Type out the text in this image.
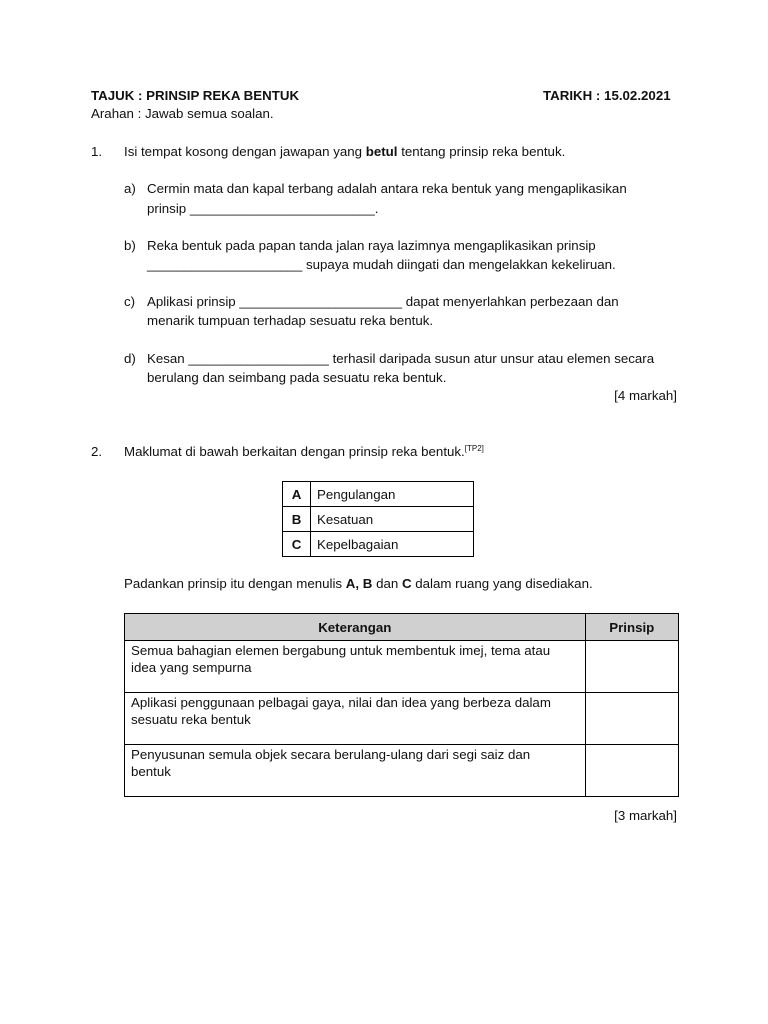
TAJUK : PRINSIP REKA BENTUK	TARIKH : 15.02.2021
Arahan : Jawab semua soalan.
1. Isi tempat kosong dengan jawapan yang betul tentang prinsip reka bentuk.
a) Cermin mata dan kapal terbang adalah antara reka bentuk yang mengaplikasikan
prinsip _________________________.
b) Reka bentuk pada papan tanda jalan raya lazimnya mengaplikasikan prinsip
_____________________ supaya mudah diingati dan mengelakkan kekeliruan.
c) Aplikasi prinsip ______________________ dapat menyerlahkan perbezaan dan
menarik tumpuan terhadap sesuatu reka bentuk.
d) Kesan ___________________ terhasil daripada susun atur unsur atau elemen secara
berulang dan seimbang pada sesuatu reka bentuk.
[4 markah]
2. Maklumat di bawah berkaitan dengan prinsip reka bentuk.[TP2]
A	Pengulangan
B	Kesatuan
C	Kepelbagaian
Padankan prinsip itu dengan menulis A, B dan C dalam ruang yang disediakan.
Keterangan	Prinsip

Semua bahagian elemen bergabung untuk membentuk imej, tema atau
idea yang sempurna	

Aplikasi penggunaan pelbagai gaya, nilai dan idea yang berbeza dalam
sesuatu reka bentuk	

Penyusunan semula objek secara berulang-ulang dari segi saiz dan
bentuk	

[3 markah]
